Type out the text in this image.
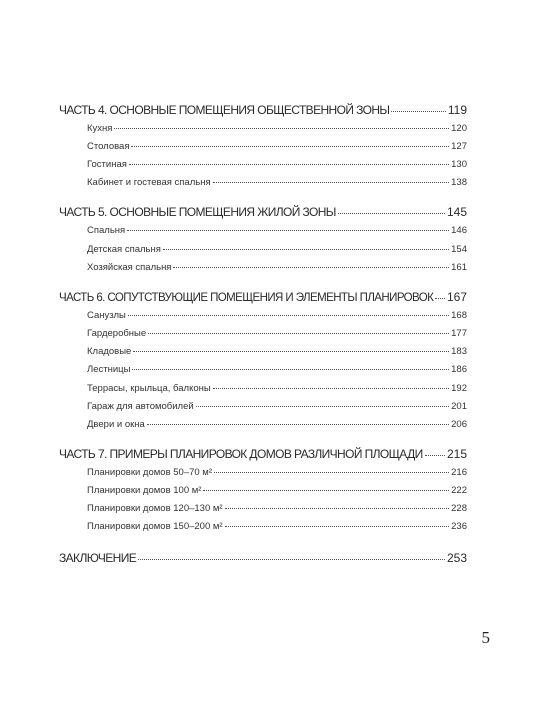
ЧАСТЬ 4. ОСНОВНЫЕ ПОМЕЩЕНИЯ ОБЩЕСТВЕННОЙ ЗОНЫ	119
Кухня	120
Столовая	127
Гостиная	130
Кабинет и гостевая спальня	138
ЧАСТЬ 5. ОСНОВНЫЕ ПОМЕЩЕНИЯ ЖИЛОЙ ЗОНЫ	145
Спальня	146
Детская спальня	154
Хозяйская спальня	161
ЧАСТЬ 6. СОПУТСТВУЮЩИЕ ПОМЕЩЕНИЯ И ЭЛЕМЕНТЫ ПЛАНИРОВОК 167
Санузлы	168
Гардеробные	177
Кладовые	183
Лестницы	186
Террасы, крыльца, балконы	192
Гараж для автомобилей	201
Двери и окна	206
ЧАСТЬ 7. ПРИМЕРЫ ПЛАНИРОВОК ДОМОВ РАЗЛИЧНОЙ ПЛОЩАДИ 215
Планировки домов 50–70 м²	216
Планировки домов 100 м²	222
Планировки домов 120–130 м²	228
Планировки домов 150–200 м²	236
ЗАКЛЮЧЕНИЕ	253
5
